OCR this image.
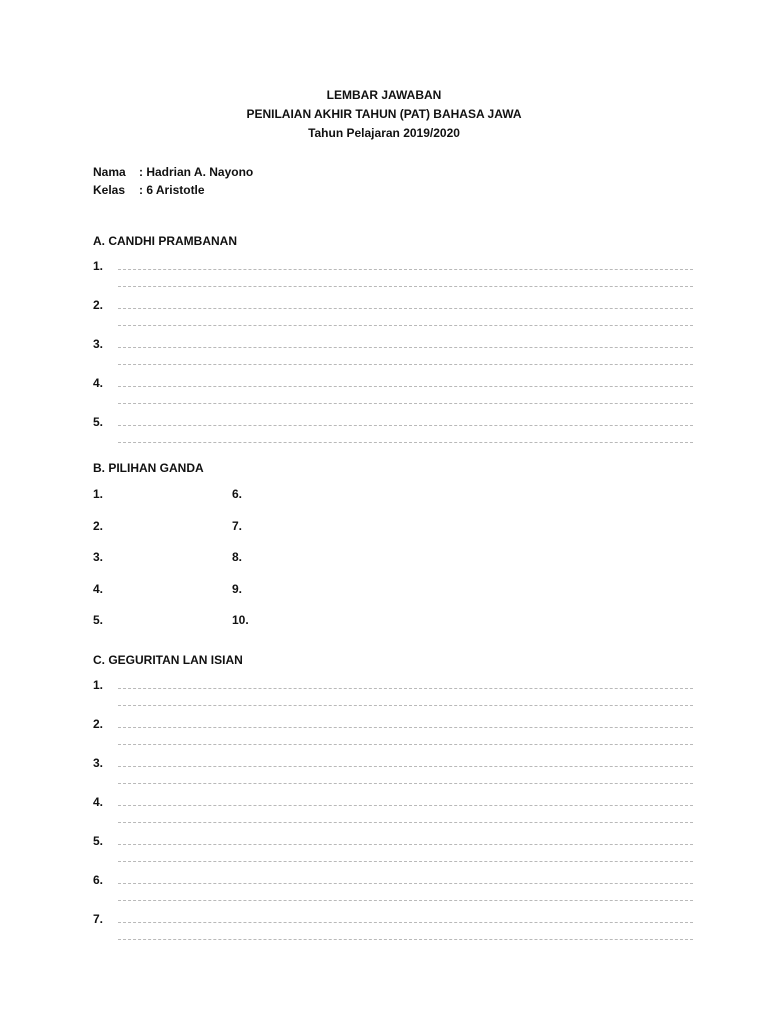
LEMBAR JAWABAN
PENILAIAN AKHIR TAHUN (PAT) BAHASA JAWA
Tahun Pelajaran 2019/2020
Nama	: Hadrian A. Nayono
Kelas	: 6 Aristotle
A. CANDHI PRAMBANAN
1.
2.
3.
4.
5.
B. PILIHAN GANDA
1.	6.
2.	7.
3.	8.
4.	9.
5.	10.
C. GEGURITAN LAN ISIAN
1.
2.
3.
4.
5.
6.
7.
